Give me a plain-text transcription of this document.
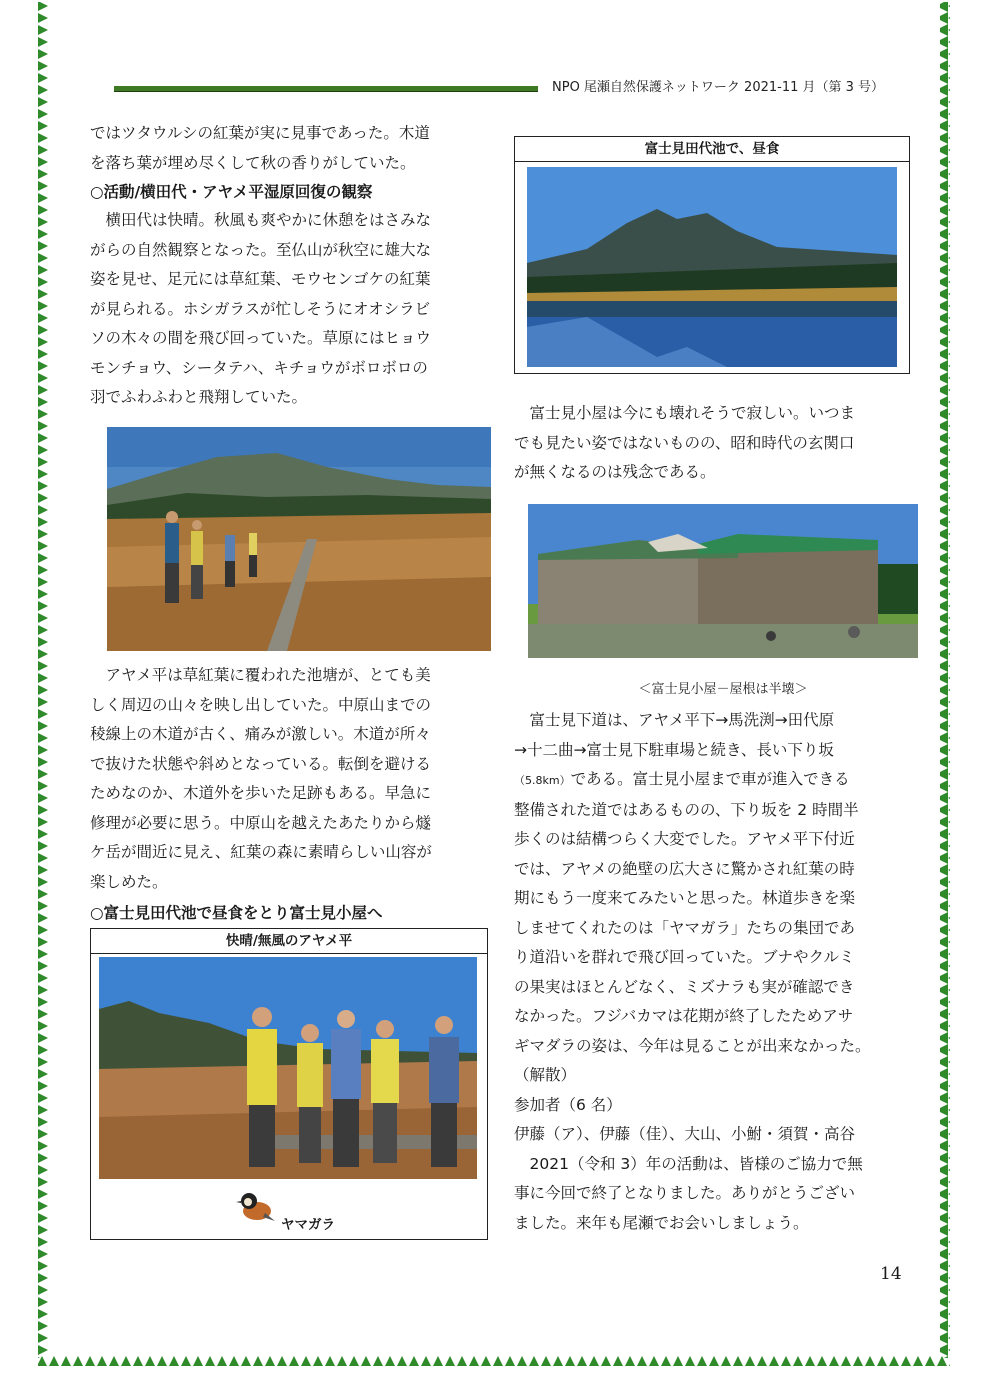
NPO 尾瀬自然保護ネットワーク 2021-11 月（第 3 号）
ではツタウルシの紅葉が実に見事であった。木道
を落ち葉が埋め尽くして秋の香りがしていた。
○活動/横田代・アヤメ平湿原回復の観察
　横田代は快晴。秋風も爽やかに休憩をはさみな
がらの自然観察となった。至仏山が秋空に雄大な
姿を見せ、足元には草紅葉、モウセンゴケの紅葉
が見られる。ホシガラスが忙しそうにオオシラビ
ソの木々の間を飛び回っていた。草原にはヒョウ
モンチョウ、シータテハ、キチョウがボロボロの
羽でふわふわと飛翔していた。
　アヤメ平は草紅葉に覆われた池塘が、とても美
しく周辺の山々を映し出していた。中原山までの
稜線上の木道が古く、痛みが激しい。木道が所々
で抜けた状態や斜めとなっている。転倒を避ける
ためなのか、木道外を歩いた足跡もある。早急に
修理が必要に思う。中原山を越えたあたりから燧
ケ岳が間近に見え、紅葉の森に素晴らしい山容が
楽しめた。
○富士見田代池で昼食をとり富士見小屋へ
快晴/無風のアヤメ平
ヤマガラ
富士見田代池で、昼食
　富士見小屋は今にも壊れそうで寂しい。いつま
でも見たい姿ではないものの、昭和時代の玄関口
が無くなるのは残念である。
＜富士見小屋－屋根は半壊＞
　富士見下道は、アヤメ平下→馬洗渕→田代原
→十二曲→富士見下駐車場と続き、長い下り坂
（5.8km）である。富士見小屋まで車が進入できる
整備された道ではあるものの、下り坂を 2 時間半
歩くのは結構つらく大変でした。アヤメ平下付近
では、アヤメの絶壁の広大さに驚かされ紅葉の時
期にもう一度来てみたいと思った。林道歩きを楽
しませてくれたのは「ヤマガラ」たちの集団であ
り道沿いを群れで飛び回っていた。ブナやクルミ
の果実はほとんどなく、ミズナラも実が確認でき
なかった。フジバカマは花期が終了したためアサ
ギマダラの姿は、今年は見ることが出来なかった。
（解散）
参加者（6 名）
伊藤（ア）、伊藤（佳）、大山、小鮒・須賀・高谷
　2021（令和 3）年の活動は、皆様のご協力で無
事に今回で終了となりました。ありがとうござい
ました。来年も尾瀬でお会いしましょう。
14
